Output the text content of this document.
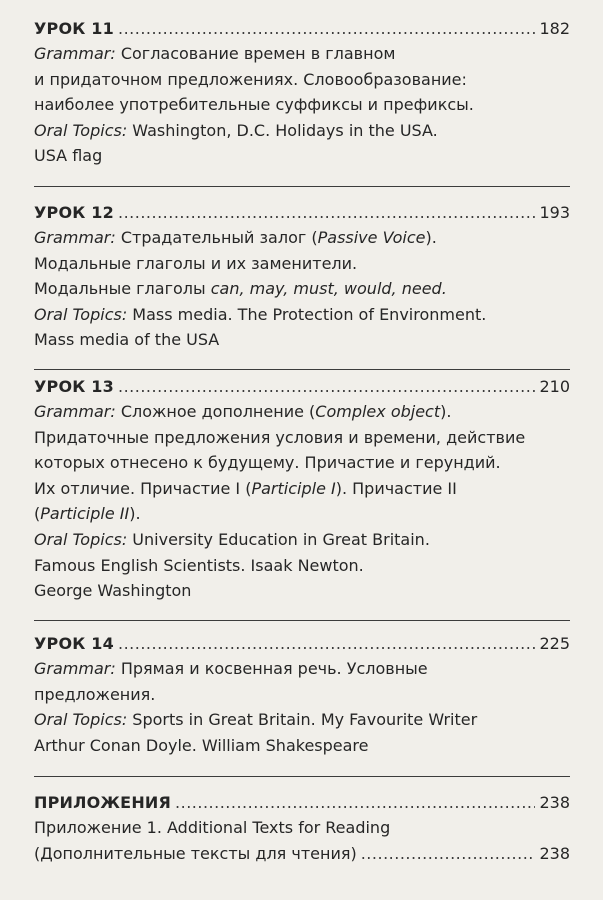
УРОК 11 .....	182
Grammar: Согласование времен в главном
и придаточном предложениях. Словообразование:
наиболее употребительные суффиксы и префиксы.
Oral Topics: Washington, D.C. Holidays in the USA.
USA flag
УРОК 12 .....	193
Grammar: Страдательный залог (Passive Voice).
Модальные глаголы и их заменители.
Модальные глаголы can, may, must, would, need.
Oral Topics: Mass media. The Protection of Environment.
Mass media of the USA
УРОК 13 .....	210
Grammar: Сложное дополнение (Complex object).
Придаточные предложения условия и времени, действие
которых отнесено к будущему. Причастие и герундий.
Их отличие. Причастие I (Participle I). Причастие II
(Participle II).
Oral Topics: University Education in Great Britain.
Famous English Scientists. Isaak Newton.
George Washington
УРОК 14 .....	225
Grammar: Прямая и косвенная речь. Условные
предложения.
Oral Topics: Sports in Great Britain. My Favourite Writer
Arthur Conan Doyle. William Shakespeare
ПРИЛОЖЕНИЯ .....	238
Приложение 1. Additional Texts for Reading
(Дополнительные тексты для чтения) .....	238
